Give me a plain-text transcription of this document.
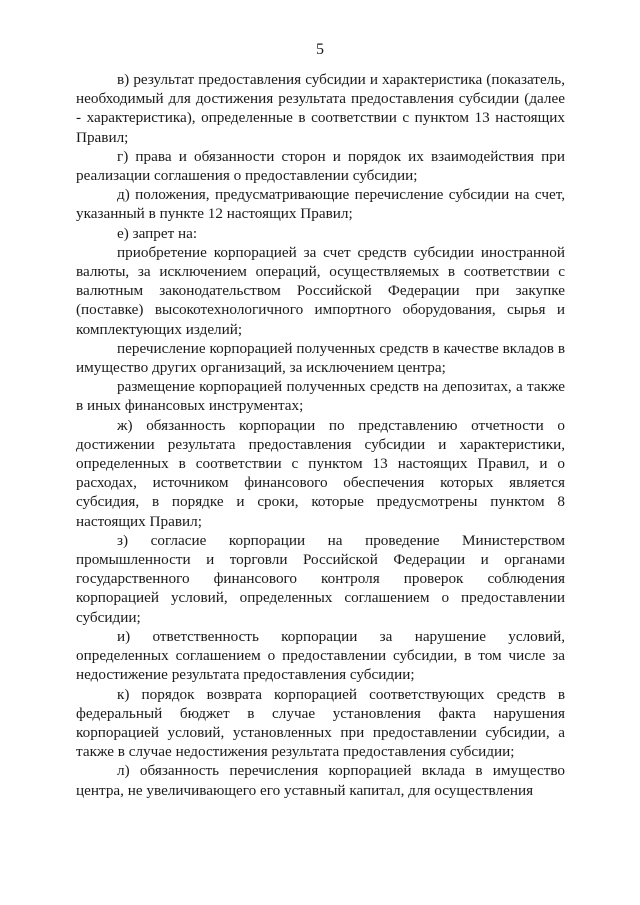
5

в) результат предоставления субсидии и характеристика (показатель, необходимый для достижения результата предоставления субсидии (далее - характеристика), определенные в соответствии с пунктом 13 настоящих Правил;

г) права и обязанности сторон и порядок их взаимодействия при реализации соглашения о предоставлении субсидии;

д) положения, предусматривающие перечисление субсидии на счет, указанный в пункте 12 настоящих Правил;

е) запрет на:

приобретение корпорацией за счет средств субсидии иностранной валюты, за исключением операций, осуществляемых в соответствии с валютным законодательством Российской Федерации при закупке (поставке) высокотехнологичного импортного оборудования, сырья и комплектующих изделий;

перечисление корпорацией полученных средств в качестве вкладов в имущество других организаций, за исключением центра;

размещение корпорацией полученных средств на депозитах, а также в иных финансовых инструментах;

ж) обязанность корпорации по представлению отчетности о достижении результата предоставления субсидии и характеристики, определенных в соответствии с пунктом 13 настоящих Правил, и о расходах, источником финансового обеспечения которых является субсидия, в порядке и сроки, которые предусмотрены пунктом 8 настоящих Правил;

з) согласие корпорации на проведение Министерством промышленности и торговли Российской Федерации и органами государственного финансового контроля проверок соблюдения корпорацией условий, определенных соглашением о предоставлении субсидии;

и) ответственность корпорации за нарушение условий, определенных соглашением о предоставлении субсидии, в том числе за недостижение результата предоставления субсидии;

к) порядок возврата корпорацией соответствующих средств в федеральный бюджет в случае установления факта нарушения корпорацией условий, установленных при предоставлении субсидии, а также в случае недостижения результата предоставления субсидии;

л) обязанность перечисления корпорацией вклада в имущество центра, не увеличивающего его уставный капитал, для осуществления
